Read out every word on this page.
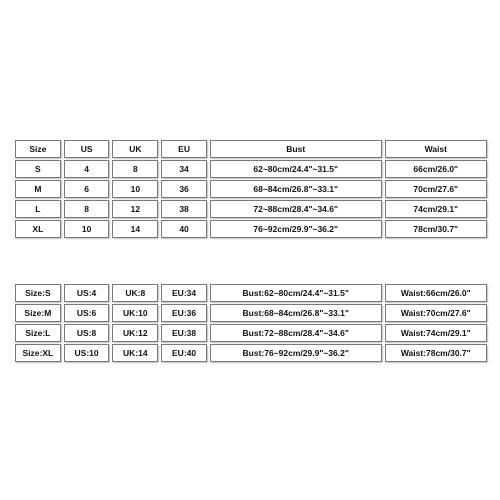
Size	US	UK	EU	Bust	Waist
S	4	8	34	62~80cm/24.4"~31.5"	66cm/26.0"
M	6	10	36	68~84cm/26.8"~33.1"	70cm/27.6"
L	8	12	38	72~88cm/28.4"~34.6"	74cm/29.1"
XL	10	14	40	76~92cm/29.9"~36.2"	78cm/30.7"
Size:S	US:4	UK:8	EU:34	Bust:62~80cm/24.4"~31.5"	Waist:66cm/26.0"
Size:M	US:6	UK:10	EU:36	Bust:68~84cm/26.8"~33.1"	Waist:70cm/27.6"
Size:L	US:8	UK:12	EU:38	Bust:72~88cm/28.4"~34.6"	Waist:74cm/29.1"
Size:XL	US:10	UK:14	EU:40	Bust:76~92cm/29.9"~36.2"	Waist:78cm/30.7"
